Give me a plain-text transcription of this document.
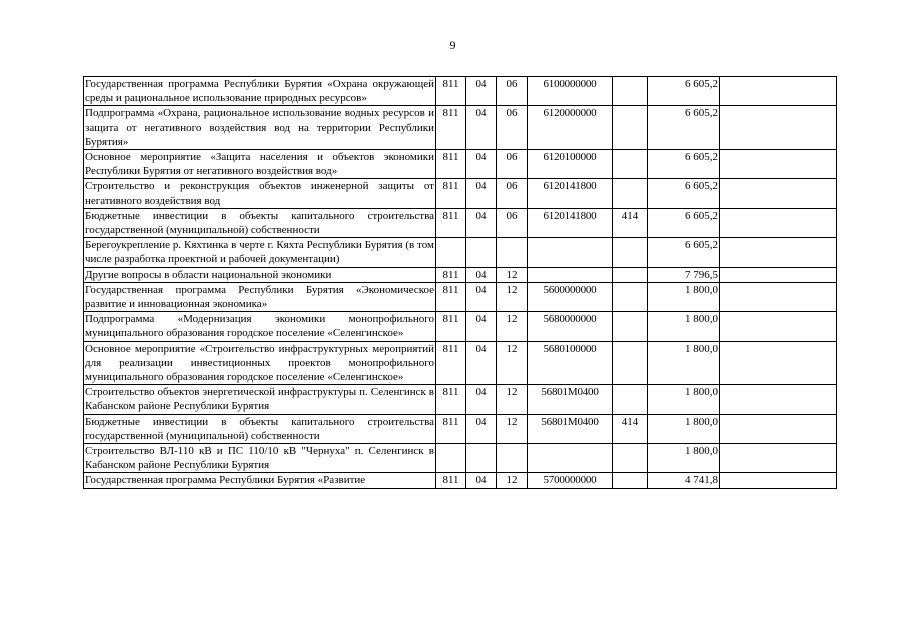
9
Государственная программа Республики Бурятия «Охрана окружающей среды и рациональное использование природных ресурсов»	811	04	06	6100000000		6 605,2	
Подпрограмма «Охрана, рациональное использование водных ресурсов и защита от негативного воздействия вод на территории Республики Бурятия»	811	04	06	6120000000		6 605,2	
Основное мероприятие «Защита населения и объектов экономики Республики Бурятия от негативного воздействия вод»	811	04	06	6120100000		6 605,2	
Строительство и реконструкция объектов инженерной защиты от негативного воздействия вод	811	04	06	6120141800		6 605,2	
Бюджетные инвестиции в объекты капитального строительства государственной (муниципальной) собственности	811	04	06	6120141800	414	6 605,2	
Берегоукрепление р. Кяхтинка в черте г. Кяхта Республики Бурятия (в том числе разработка проектной и рабочей документации)						6 605,2	
Другие вопросы в области национальной экономики	811	04	12			7 796,5	
Государственная программа Республики Бурятия «Экономическое развитие и инновационная экономика»	811	04	12	5600000000		1 800,0	
Подпрограмма «Модернизация экономики монопрофильного муниципального образования городское поселение «Селенгинское»	811	04	12	5680000000		1 800,0	
Основное мероприятие «Строительство инфраструктурных мероприятий для реализации инвестиционных проектов монопрофильного муниципального образования городское поселение «Селенгинское»	811	04	12	5680100000		1 800,0	
Строительство объектов энергетической инфраструктуры п. Селенгинск в Кабанском районе Республики Бурятия	811	04	12	56801M0400		1 800,0	
Бюджетные инвестиции в объекты капитального строительства государственной (муниципальной) собственности	811	04	12	56801M0400	414	1 800,0	
Строительство ВЛ-110 кВ и ПС 110/10 кВ "Чернуха" п. Селенгинск в Кабанском районе Республики Бурятия						1 800,0	
Государственная программа Республики Бурятия «Развитие	811	04	12	5700000000		4 741,8	
